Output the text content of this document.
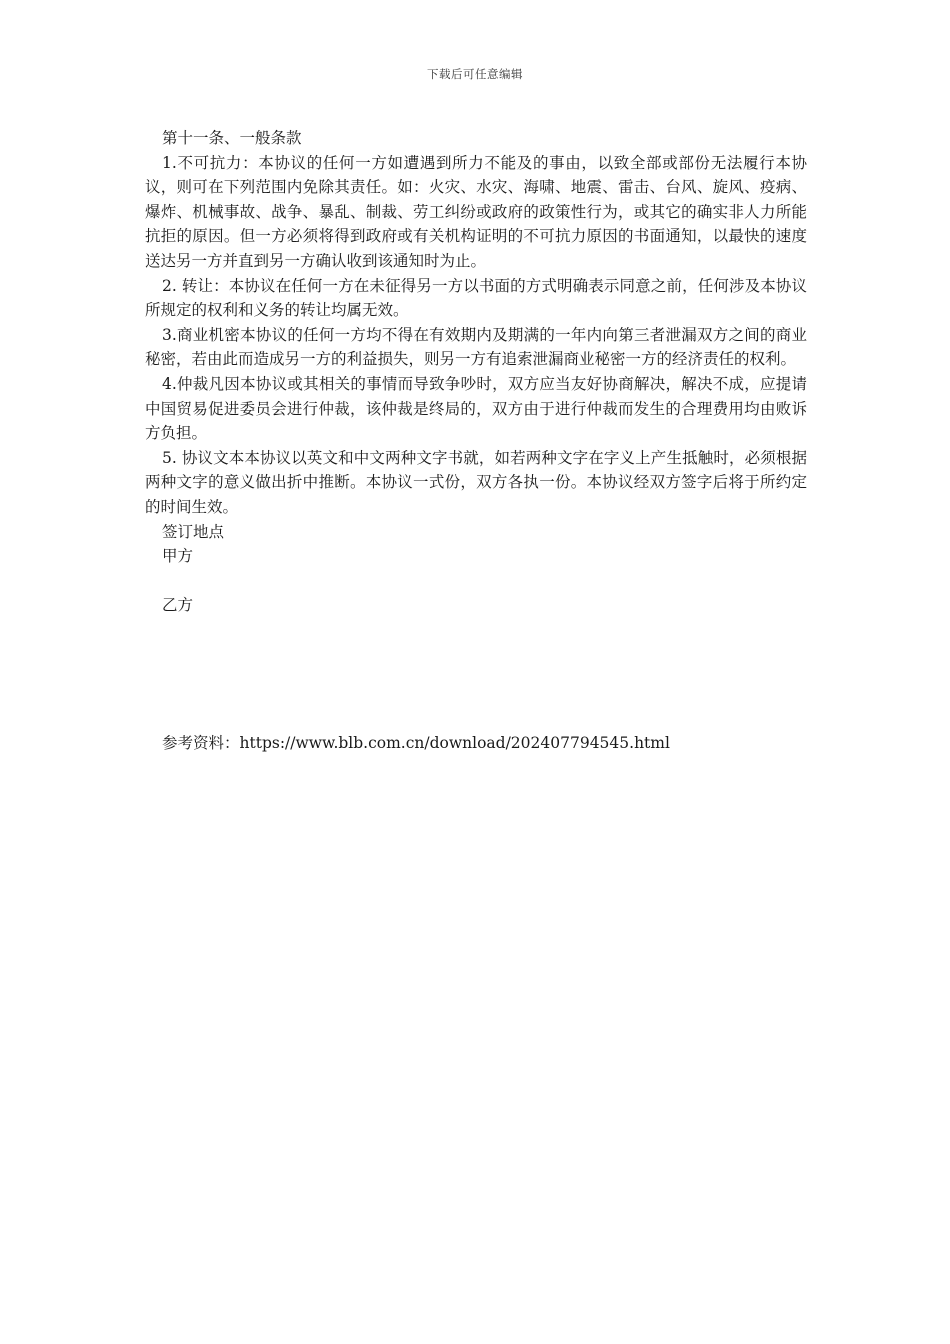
下载后可任意编辑

第十一条、一般条款

1.不可抗力：本协议的任何一方如遭遇到所力不能及的事由，以致全部或部份无法履行本协议，则可在下列范围内免除其责任。如：火灾、水灾、海啸、地震、雷击、台风、旋风、疫病、爆炸、机械事故、战争、暴乱、制裁、劳工纠纷或政府的政策性行为，或其它的确实非人力所能抗拒的原因。但一方必须将得到政府或有关机构证明的不可抗力原因的书面通知，以最快的速度送达另一方并直到另一方确认收到该通知时为止。

2. 转让：本协议在任何一方在未征得另一方以书面的方式明确表示同意之前，任何涉及本协议所规定的权利和义务的转让均属无效。

3.商业机密本协议的任何一方均不得在有效期内及期满的一年内向第三者泄漏双方之间的商业秘密，若由此而造成另一方的利益损失，则另一方有追索泄漏商业秘密一方的经济责任的权利。

4.仲裁凡因本协议或其相关的事情而导致争吵时，双方应当友好协商解决，解决不成，应提请中国贸易促进委员会进行仲裁，该仲裁是终局的，双方由于进行仲裁而发生的合理费用均由败诉方负担。

5. 协议文本本协议以英文和中文两种文字书就，如若两种文字在字义上产生抵触时，必须根据两种文字的意义做出折中推断。本协议一式份，双方各执一份。本协议经双方签字后将于所约定的时间生效。

签订地点

甲方

乙方

参考资料：https://www.blb.com.cn/download/202407794545.html
